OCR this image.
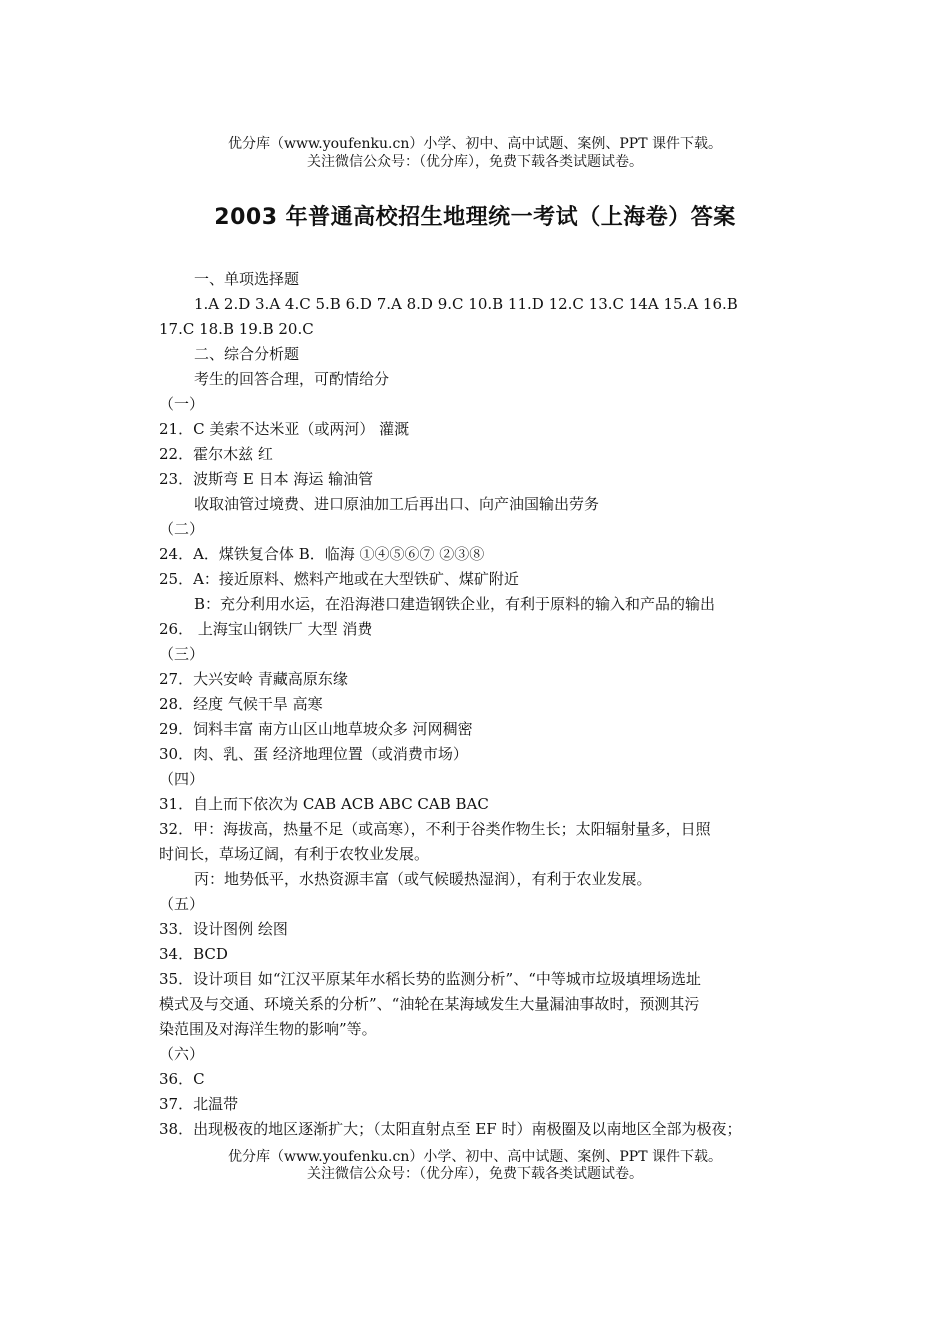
优分库（www.youfenku.cn）小学、初中、高中试题、案例、PPT 课件下载。
关注微信公众号：（优分库），免费下载各类试题试卷。
2003 年普通高校招生地理统一考试（上海卷）答案
一、单项选择题
1.A 2.D 3.A 4.C 5.B 6.D 7.A 8.D 9.C 10.B 11.D 12.C 13.C 14A 15.A 16.B
17.C 18.B 19.B 20.C
二、综合分析题
考生的回答合理，可酌情给分
（一）
21．C 美索不达米亚（或两河） 灌溉
22．霍尔木兹 红
23．波斯弯 E 日本 海运 输油管
收取油管过境费、进口原油加工后再出口、向产油国输出劳务
（二）
24．A．煤铁复合体 B．临海 ①④⑤⑥⑦ ②③⑧
25．A：接近原料、燃料产地或在大型铁矿、煤矿附近
B：充分利用水运，在沿海港口建造钢铁企业，有利于原料的输入和产品的输出
26． 上海宝山钢铁厂 大型 消费
（三）
27．大兴安岭 青藏高原东缘
28．经度 气候干旱 高寒
29．饲料丰富 南方山区山地草坡众多 河网稠密
30．肉、乳、蛋 经济地理位置（或消费市场）
（四）
31．自上而下依次为 CAB ACB ABC CAB BAC
32．甲：海拔高，热量不足（或高寒），不利于谷类作物生长；太阳辐射量多，日照
时间长，草场辽阔，有利于农牧业发展。
丙：地势低平，水热资源丰富（或气候暖热湿润），有利于农业发展。
（五）
33．设计图例 绘图
34．BCD
35．设计项目 如“江汉平原某年水稻长势的监测分析”、“中等城市垃圾填埋场选址
模式及与交通、环境关系的分析”、“油轮在某海域发生大量漏油事故时，预测其污
染范围及对海洋生物的影响”等。
（六）
36．C
37．北温带
38．出现极夜的地区逐渐扩大；（太阳直射点至 EF 时）南极圈及以南地区全部为极夜；
优分库（www.youfenku.cn）小学、初中、高中试题、案例、PPT 课件下载。
关注微信公众号：（优分库），免费下载各类试题试卷。
